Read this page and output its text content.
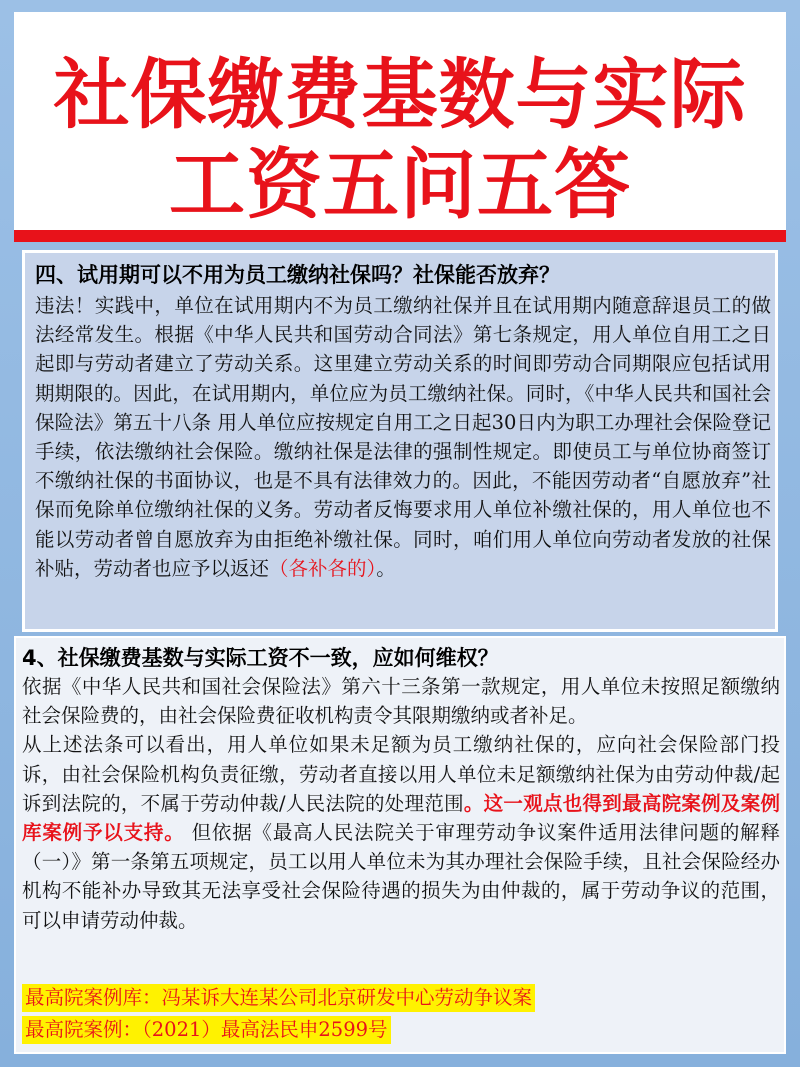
社保缴费基数与实际
工资五问五答
四、试用期可以不用为员工缴纳社保吗？社保能否放弃？
违法！实践中，单位在试用期内不为员工缴纳社保并且在试用期内随意辞退员工的做法经常发生。根据《中华人民共和国劳动合同法》第七条规定，用人单位自用工之日起即与劳动者建立了劳动关系。这里建立劳动关系的时间即劳动合同期限应包括试用期期限的。因此，在试用期内，单位应为员工缴纳社保。同时，《中华人民共和国社会保险法》第五十八条 用人单位应按规定自用工之日起30日内为职工办理社会保险登记手续，依法缴纳社会保险。缴纳社保是法律的强制性规定。即使员工与单位协商签订不缴纳社保的书面协议，也是不具有法律效力的。因此，不能因劳动者“自愿放弃”社保而免除单位缴纳社保的义务。劳动者反悔要求用人单位补缴社保的，用人单位也不能以劳动者曾自愿放弃为由拒绝补缴社保。同时，咱们用人单位向劳动者发放的社保补贴，劳动者也应予以返还（各补各的）。
4、社保缴费基数与实际工资不一致，应如何维权？
依据《中华人民共和国社会保险法》第六十三条第一款规定，用人单位未按照足额缴纳社会保险费的，由社会保险费征收机构责令其限期缴纳或者补足。
从上述法条可以看出，用人单位如果未足额为员工缴纳社保的，应向社会保险部门投诉，由社会保险机构负责征缴，劳动者直接以用人单位未足额缴纳社保为由劳动仲裁/起诉到法院的，不属于劳动仲裁/人民法院的处理范围。这一观点也得到最高院案例及案例库案例予以支持。 但依据《最高人民法院关于审理劳动争议案件适用法律问题的解释（一）》第一条第五项规定，员工以用人单位未为其办理社会保险手续，且社会保险经办机构不能补办导致其无法享受社会保险待遇的损失为由仲裁的，属于劳动争议的范围，可以申请劳动仲裁。
最高院案例库：冯某诉大连某公司北京研发中心劳动争议案
最高院案例：（2021）最高法民申2599号
